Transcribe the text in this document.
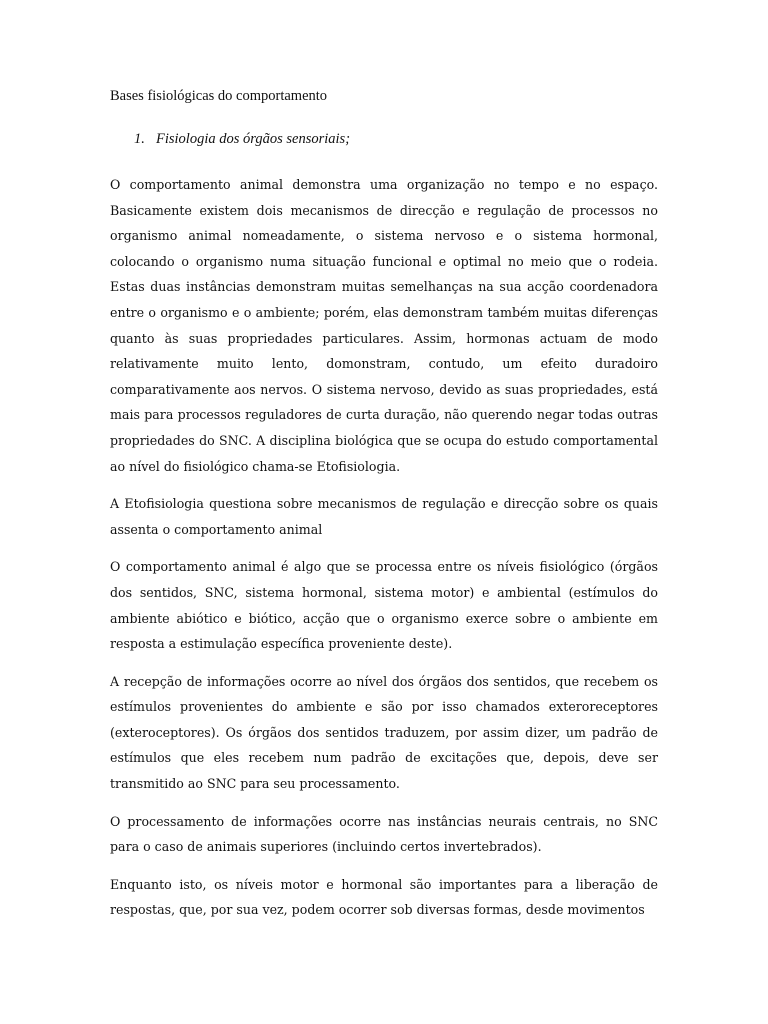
Bases fisiológicas do comportamento
1. Fisiologia dos órgãos sensoriais;

O comportamento animal demonstra uma organização no tempo e no espaço. Basicamente existem dois mecanismos de direcção e regulação de processos no organismo animal nomeadamente, o sistema nervoso e o sistema hormonal, colocando o organismo numa situação funcional e optimal no meio que o rodeia. Estas duas instâncias demonstram muitas semelhanças na sua acção coordenadora entre o organismo e o ambiente; porém, elas demonstram também muitas diferenças quanto às suas propriedades particulares. Assim, hormonas actuam de modo relativamente muito lento, domonstram, contudo, um efeito duradoiro comparativamente aos nervos. O sistema nervoso, devido as suas propriedades, está mais para processos reguladores de curta duração, não querendo negar todas outras propriedades do SNC. A disciplina biológica que se ocupa do estudo comportamental ao nível do fisiológico chama-se Etofisiologia.

A Etofisiologia questiona sobre mecanismos de regulação e direcção sobre os quais assenta o comportamento animal

O comportamento animal é algo que se processa entre os níveis fisiológico (órgãos dos sentidos, SNC, sistema hormonal, sistema motor) e ambiental (estímulos do ambiente abiótico e biótico, acção que o organismo exerce sobre o ambiente em resposta a estimulação específica proveniente deste).

A recepção de informações ocorre ao nível dos órgãos dos sentidos, que recebem os estímulos provenientes do ambiente e são por isso chamados exteroreceptores (exteroceptores). Os órgãos dos sentidos traduzem, por assim dizer, um padrão de estímulos que eles recebem num padrão de excitações que, depois, deve ser transmitido ao SNC para seu processamento.

O processamento de informações ocorre nas instâncias neurais centrais, no SNC para o caso de animais superiores (incluindo certos invertebrados).

Enquanto isto, os níveis motor e hormonal são importantes para a liberação de respostas, que, por sua vez, podem ocorrer sob diversas formas, desde movimentos
